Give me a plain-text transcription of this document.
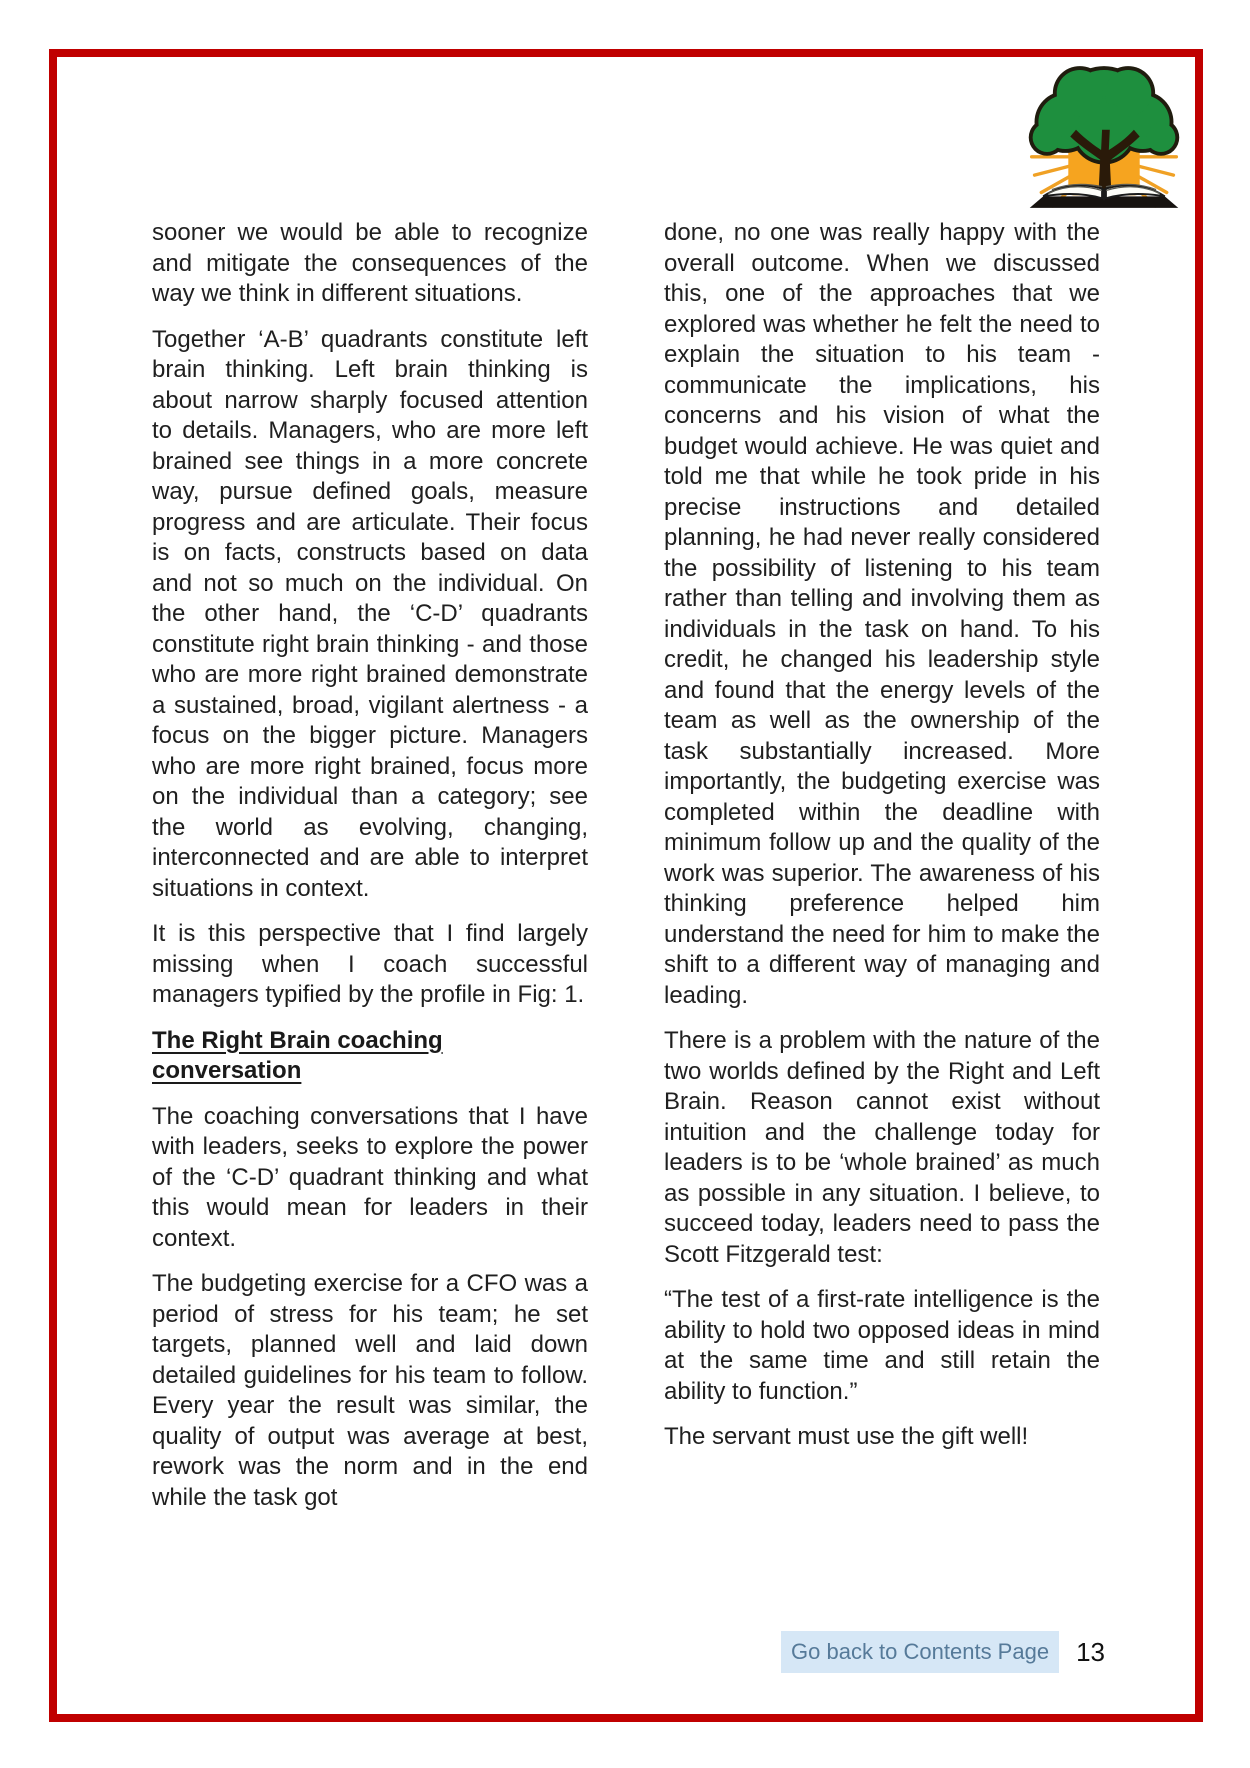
sooner we would be able to recognize and mitigate the consequences of the way we think in different situations.

Together ‘A-B’ quadrants constitute left brain thinking. Left brain thinking is about narrow sharply focused attention to details. Managers, who are more left brained see things in a more concrete way, pursue defined goals, measure progress and are articulate. Their focus is on facts, constructs based on data and not so much on the individual. On the other hand, the ‘C-D’ quadrants constitute right brain thinking - and those who are more right brained demonstrate a sustained, broad, vigilant alertness - a focus on the bigger picture. Managers who are more right brained, focus more on the individual than a category; see the world as evolving, changing, interconnected and are able to interpret situations in context.

It is this perspective that I find largely missing when I coach successful managers typified by the profile in Fig: 1.

The Right Brain coaching conversation

The coaching conversations that I have with leaders, seeks to explore the power of the ‘C-D’ quadrant thinking and what this would mean for leaders in their context.

The budgeting exercise for a CFO was a period of stress for his team; he set targets, planned well and laid down detailed guidelines for his team to follow. Every year the result was similar, the quality of output was average at best, rework was the norm and in the end while the task got

done, no one was really happy with the overall outcome. When we discussed this, one of the approaches that we explored was whether he felt the need to explain the situation to his team - communicate the implications, his concerns and his vision of what the budget would achieve. He was quiet and told me that while he took pride in his precise instructions and detailed planning, he had never really considered the possibility of listening to his team rather than telling and involving them as individuals in the task on hand. To his credit, he changed his leadership style and found that the energy levels of the team as well as the ownership of the task substantially increased. More importantly, the budgeting exercise was completed within the deadline with minimum follow up and the quality of the work was superior. The awareness of his thinking preference helped him understand the need for him to make the shift to a different way of managing and leading.

There is a problem with the nature of the two worlds defined by the Right and Left Brain. Reason cannot exist without intuition and the challenge today for leaders is to be ‘whole brained’ as much as possible in any situation. I believe, to succeed today, leaders need to pass the Scott Fitzgerald test:

“The test of a first-rate intelligence is the ability to hold two opposed ideas in mind at the same time and still retain the ability to function.”

The servant must use the gift well!

Go back to Contents Page	13
